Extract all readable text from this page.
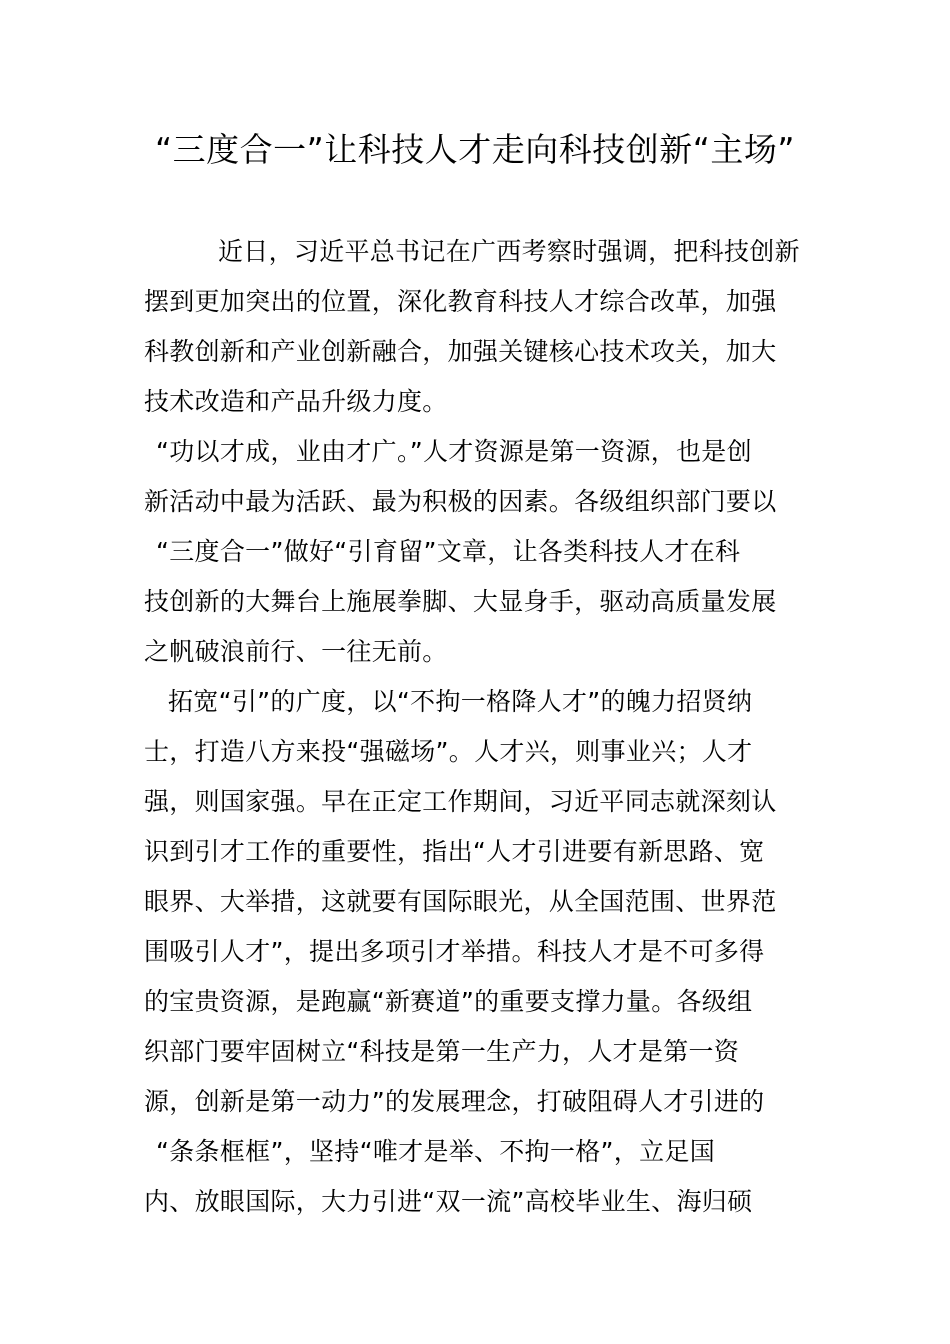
“三度合一”让科技人才走向科技创新“主场”

近日，习近平总书记在广西考察时强调，把科技创新

摆到更加突出的位置，深化教育科技人才综合改革，加强

科教创新和产业创新融合，加强关键核心技术攻关，加大

技术改造和产品升级力度。

“功以才成，业由才广。”人才资源是第一资源，也是创

新活动中最为活跃、最为积极的因素。各级组织部门要以

“三度合一”做好“引育留”文章，让各类科技人才在科

技创新的大舞台上施展拳脚、大显身手，驱动高质量发展

之帆破浪前行、一往无前。

拓宽“引”的广度，以“不拘一格降人才”的魄力招贤纳

士，打造八方来投“强磁场”。人才兴，则事业兴；人才

强，则国家强。早在正定工作期间，习近平同志就深刻认

识到引才工作的重要性，指出“人才引进要有新思路、宽

眼界、大举措，这就要有国际眼光，从全国范围、世界范

围吸引人才”，提出多项引才举措。科技人才是不可多得

的宝贵资源，是跑赢“新赛道”的重要支撑力量。各级组

织部门要牢固树立“科技是第一生产力，人才是第一资

源，创新是第一动力”的发展理念，打破阻碍人才引进的

“条条框框”，坚持“唯才是举、不拘一格”，立足国

内、放眼国际，大力引进“双一流”高校毕业生、海归硕
